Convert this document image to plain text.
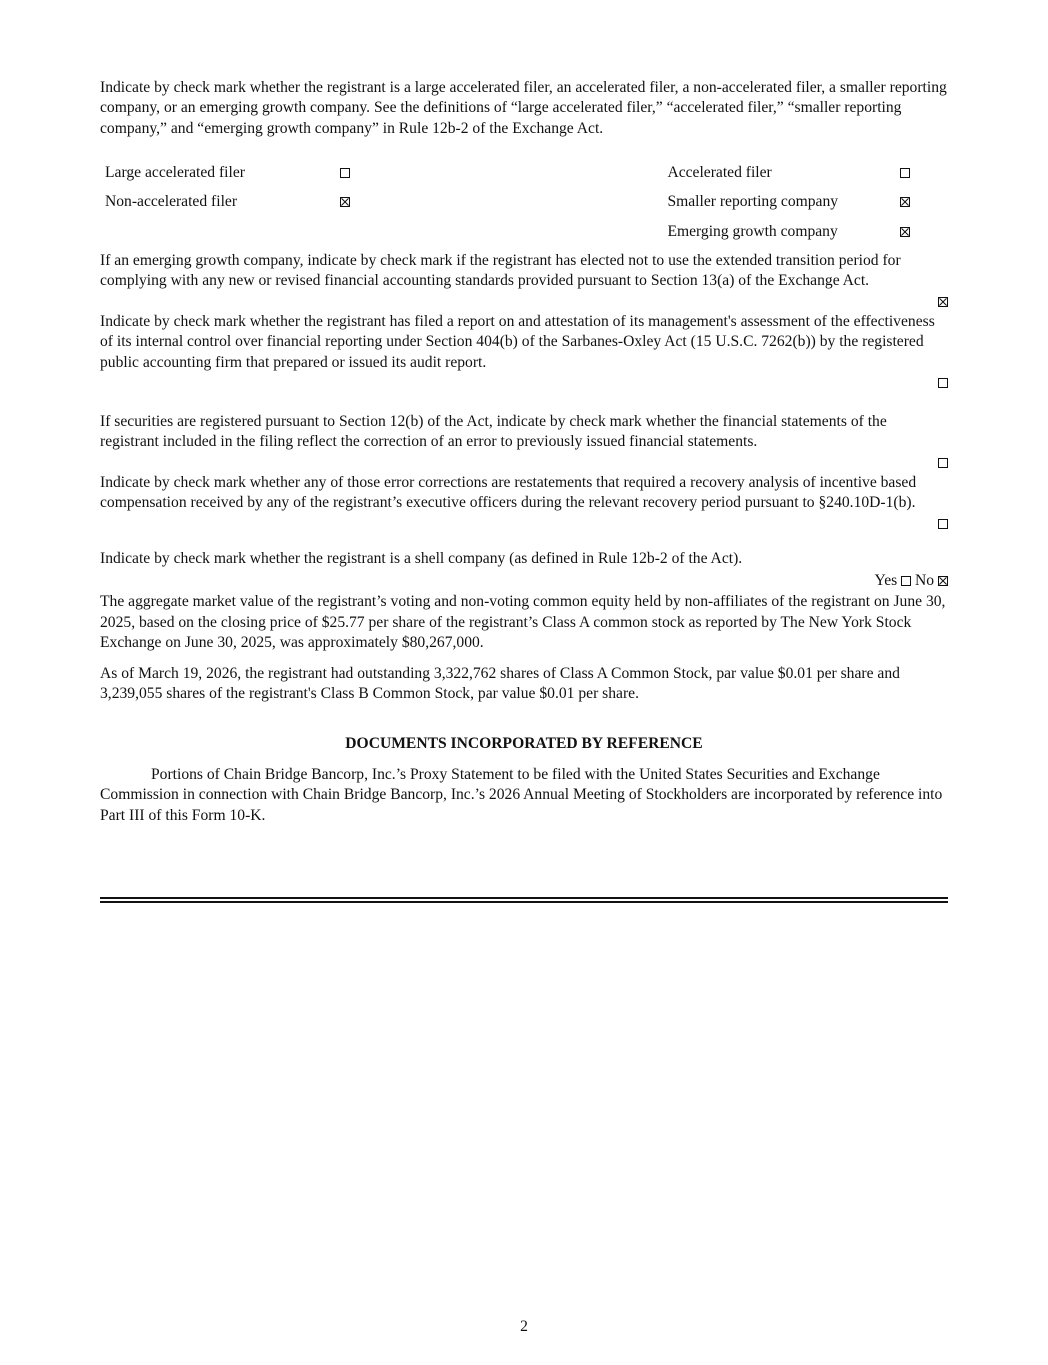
Indicate by check mark whether the registrant is a large accelerated filer, an accelerated filer, a non-accelerated filer, a smaller reporting company, or an emerging growth company. See the definitions of “large accelerated filer,” “accelerated filer,” “smaller reporting company,” and “emerging growth company” in Rule 12b-2 of the Exchange Act.

Large accelerated filer		Accelerated filer	
Non-accelerated filer		Smaller reporting company	
		Emerging growth company	

If an emerging growth company, indicate by check mark if the registrant has elected not to use the extended transition period for complying with any new or revised financial accounting standards provided pursuant to Section 13(a) of the Exchange Act.

Indicate by check mark whether the registrant has filed a report on and attestation of its management's assessment of the effectiveness of its internal control over financial reporting under Section 404(b) of the Sarbanes-Oxley Act (15 U.S.C. 7262(b)) by the registered public accounting firm that prepared or issued its audit report.

If securities are registered pursuant to Section 12(b) of the Act, indicate by check mark whether the financial statements of the registrant included in the filing reflect the correction of an error to previously issued financial statements.

Indicate by check mark whether any of those error corrections are restatements that required a recovery analysis of incentive based compensation received by any of the registrant’s executive officers during the relevant recovery period pursuant to §240.10D-1(b).

Indicate by check mark whether the registrant is a shell company (as defined in Rule 12b-2 of the Act).

Yes No

The aggregate market value of the registrant’s voting and non-voting common equity held by non-affiliates of the registrant on June 30, 2025, based on the closing price of $25.77 per share of the registrant’s Class A common stock as reported by The New York Stock Exchange on June 30, 2025, was approximately $80,267,000.

As of March 19, 2026, the registrant had outstanding 3,322,762 shares of Class A Common Stock, par value $0.01 per share and 3,239,055 shares of the registrant's Class B Common Stock, par value $0.01 per share.

DOCUMENTS INCORPORATED BY REFERENCE

Portions of Chain Bridge Bancorp, Inc.’s Proxy Statement to be filed with the United States Securities and Exchange Commission in connection with Chain Bridge Bancorp, Inc.’s 2026 Annual Meeting of Stockholders are incorporated by reference into Part III of this Form 10-K.

2
